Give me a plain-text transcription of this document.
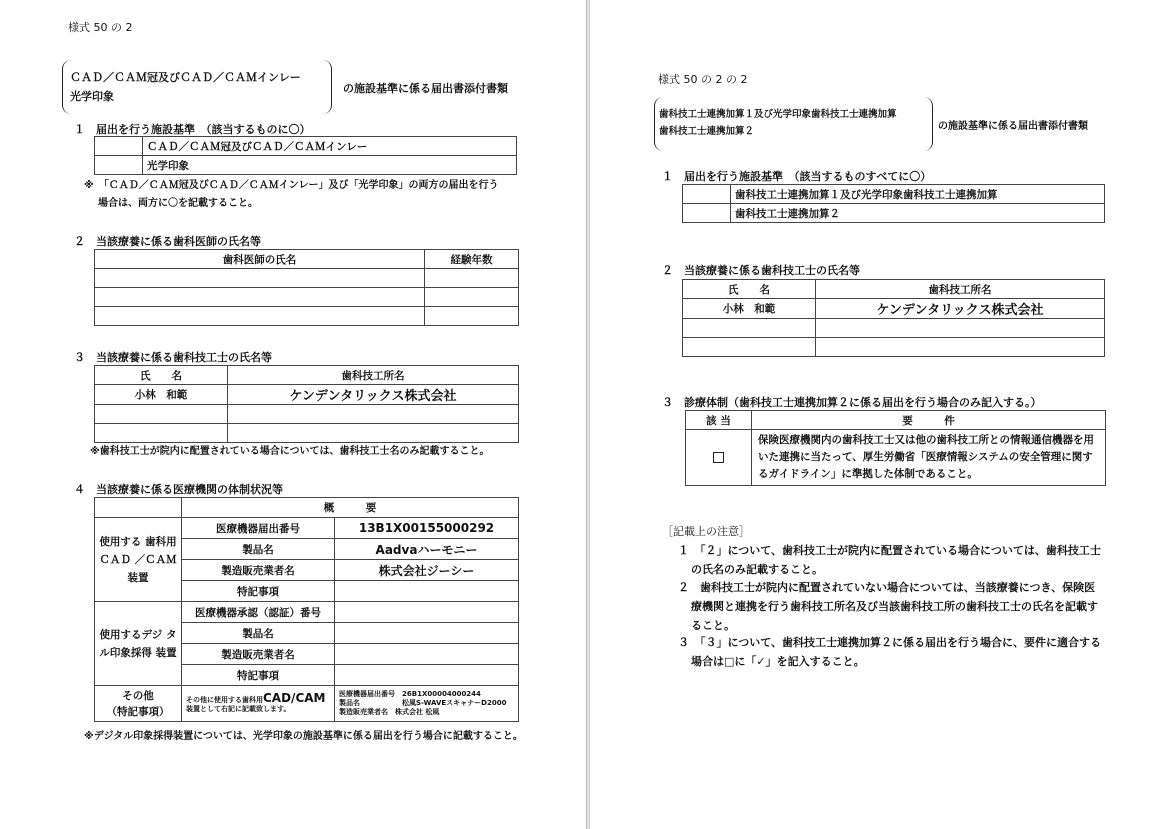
様式 50 の 2
ＣＡＤ／ＣＡＭ冠及びＣＡＤ／ＣＡＭインレー
光学印象
の施設基準に係る届出書添付書類
１　届出を行う施設基準　（該当するものに〇）
	ＣＡＤ／ＣＡＭ冠及びＣＡＤ／ＣＡＭインレー
	光学印象
※　「ＣＡＤ／ＣＡＭ冠及びＣＡＤ／ＣＡＭインレー」及び「光学印象」の両方の届出を行う
場合は、両方に〇を記載すること。
２　当該療養に係る歯科医師の氏名等
歯科医師の氏名	経験年数

３　当該療養に係る歯科技工士の氏名等
氏　　名	歯科技工所名
小林　和範	ケンデンタリックス株式会社

※歯科技工士が院内に配置されている場合については、歯科技工士名のみ記載すること。
４　当該療養に係る医療機関の体制状況等
	概　　　要	
使用する 歯科用ＣＡＤ ／ＣＡＭ装置	医療機器届出番号	13B1X00155000292
	製品名	Aadvaハーモニー
	製造販売業者名	株式会社ジーシー
	特記事項	
使用するデジ タル印象採得 装置	医療機器承認（認証）番号	
	製品名	
	製造販売業者名	
	特記事項	
その他
（特記事項）	その他に使用する歯科用CAD/CAM
装置として右記に記載致します。	医療機器届出番号　26B1X00004000244
製品名　　　　　　松風S-WAVEスキャナーD2000
製造販売業者名　株式会社 松風
※デジタル印象採得装置については、光学印象の施設基準に係る届出を行う場合に記載すること。
様式 50 の 2 の 2
歯科技工士連携加算１及び光学印象歯科技工士連携加算
歯科技工士連携加算２	の施設基準に係る届出書添付書類
１　届出を行う施設基準　（該当するものすべてに〇）
	歯科技工士連携加算１及び光学印象歯科技工士連携加算
	歯科技工士連携加算２
２　当該療養に係る歯科技工士の氏名等
氏　　名	歯科技工所名
小林　和範	ケンデンタリックス株式会社

３　診療体制（歯科技工士連携加算２に係る届出を行う場合のみ記入する。）
該 当	要　　　件
	保険医療機関内の歯科技工士又は他の歯科技工所との情報通信機器を用いた連携に当たって、厚生労働省「医療情報システムの安全管理に関するガイドライン」に準拠した体制であること。
［記載上の注意］
１　「２」について、歯科技工士が院内に配置されている場合については、歯科技工士の氏名のみ記載すること。
２　歯科技工士が院内に配置されていない場合については、当該療養につき、保険医療機関と連携を行う歯科技工所名及び当該歯科技工所の歯科技工士の氏名を記載すること。
３　「３」について、歯科技工士連携加算２に係る届出を行う場合に、要件に適合する場合は□に「✓」を記入すること。
